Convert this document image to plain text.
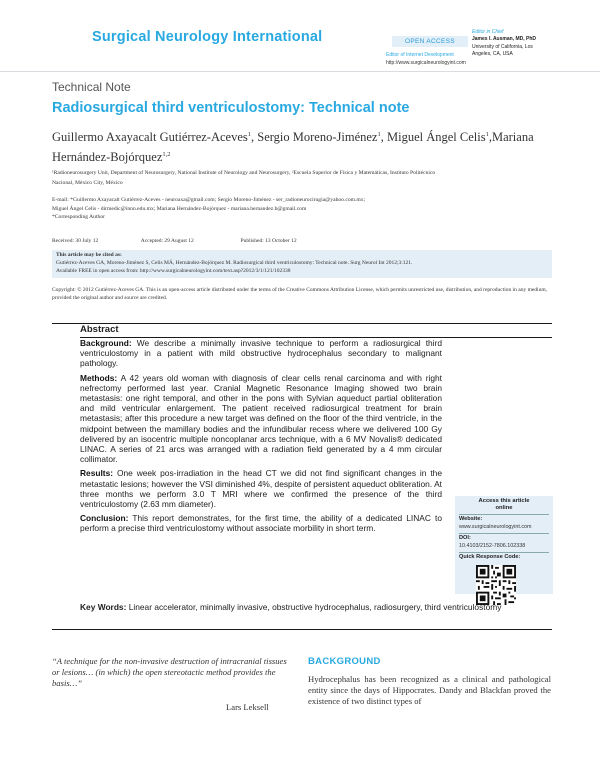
Surgical Neurology International	OPEN ACCESS
Editor of Internet Development
http://www.surgicalneurologyint.com
Editor in Chief
James I. Ausman, MD, PhD
University of California, Los
Angeles, CA, USA
Technical Note
Radiosurgical third ventriculostomy: Technical note
Guillermo Axayacalt Gutiérrez-Aceves$^1$, Sergio Moreno-Jiménez$^1$, Miguel Ángel Celis$^1$,Mariana Hernández-Bojórquez$^{1,2}$
¹Radioneurosurgery Unit, Department of Neurosurgery, National Institute of Neurology and Neurosurgery, ²Escuela Superior de Física y Matemáticas, Instituto Politécnico
Nacional, México City, México
E-mail: *Guillermo Axayacalt Gutiérrez-Aceves - neuroaxa@gmail.com; Sergio Moreno-Jiménez - ser_radioneurocirugia@yahoo.com.mx;
Miguel Ángel Celis - dirmedic@innn.edu.mx; Mariana Hernández-Bojórquez - mariana.hernandez.b@gmail.com
*Corresponding Author
Received: 30 July 12	Accepted: 29 August 12	Published: 13 October 12
This article may be cited as:
Gutiérrez-Aceves GA, Moreno-Jiménez S, Celis MÁ, Hernández-Bojórquez M. Radiosurgical third ventriculostomy: Technical note. Surg Neurol Int 2012;3:121.
Available FREE in open access from: http://www.surgicalneurologyint.com/text.asp?2012/3/1/121/102338
Copyright: © 2012 Gutiérrez-Aceves GA. This is an open-access article distributed under the terms of the Creative Commons Attribution License, which permits unrestricted use, distribution, and reproduction in any medium, provided the original author and source are credited.
Abstract

Background: We describe a minimally invasive technique to perform a radiosurgical third ventriculostomy in a patient with mild obstructive hydrocephalus secondary to malignant pathology.

Methods: A 42 years old woman with diagnosis of clear cells renal carcinoma and with right nefrectomy performed last year. Cranial Magnetic Resonance Imaging showed two brain metastasis: one right temporal, and other in the pons with Sylvian aqueduct partial obliteration and mild ventricular enlargement. The patient received radiosurgical treatment for brain metastasis; after this procedure a new target was defined on the floor of the third ventricle, in the midpoint between the mamillary bodies and the infundibular recess where we delivered 100 Gy delivered by an isocentric multiple noncoplanar arcs technique, with a 6 MV Novalis® dedicated LINAC. A series of 21 arcs was arranged with a radiation field generated by a 4 mm circular collimator.

Results: One week pos-irradiation in the head CT we did not find significant changes in the metastatic lesions; however the VSI diminished 4%, despite of persistent aqueduct obliteration. At three months we perform 3.0 T MRI where we confirmed the presence of the third ventriculostomy (2.63 mm diameter).

Conclusion: This report demonstrates, for the first time, the ability of a dedicated LINAC to perform a precise third ventriculostomy without associate morbility in short term.

Access this article
online
Website:
www.surgicalneurologyint.com
DOI:
10.4103/2152-7806.102338
Quick Response Code:
Key Words: Linear accelerator, minimally invasive, obstructive hydrocephalus, radiosurgery, third ventriculostomy
“A technique for the non-invasive destruction of intracranial tissues or lesions… (in which) the open stereotactic method provides the basis…”
Lars Leksell
BACKGROUND
Hydrocephalus has been recognized as a clinical and pathological entity since the days of Hippocrates. Dandy and Blackfan proved the existence of two distinct types of
